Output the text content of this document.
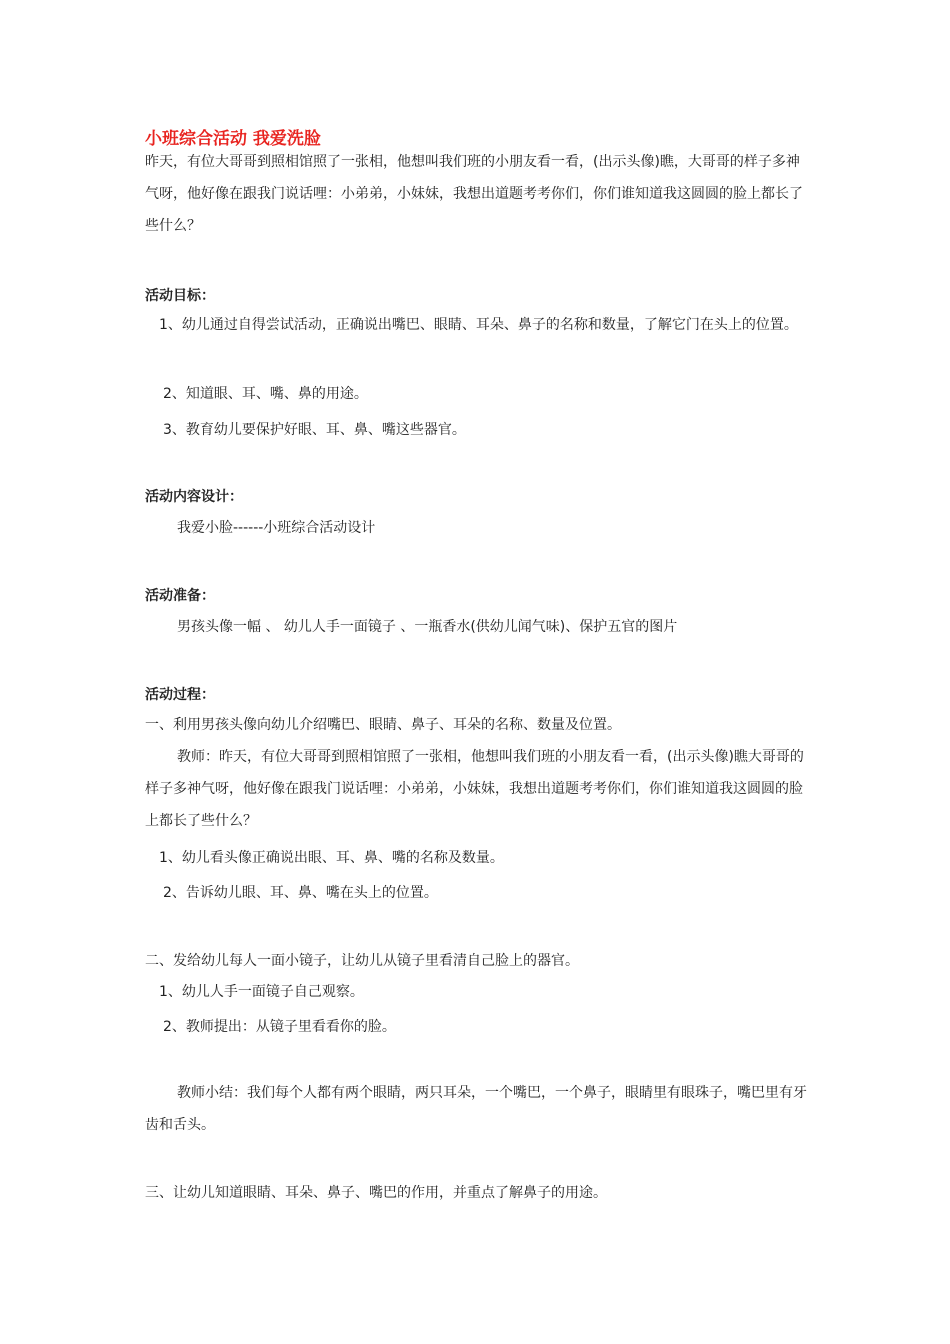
小班综合活动 我爱洗脸

昨天，有位大哥哥到照相馆照了一张相，他想叫我们班的小朋友看一看，(出示头像)瞧，大哥哥的样子多神气呀，他好像在跟我门说话哩：小弟弟，小妹妹，我想出道题考考你们，你们谁知道我这圆圆的脸上都长了些什么？

活动目标：

1、幼儿通过自得尝试活动，正确说出嘴巴、眼睛、耳朵、鼻子的名称和数量，了解它门在头上的位置。

2、知道眼、耳、嘴、鼻的用途。
3、教育幼儿要保护好眼、耳、鼻、嘴这些器官。
活动内容设计：
我爱小脸------小班综合活动设计
活动准备：
男孩头像一幅 、 幼儿人手一面镜子 、一瓶香水(供幼儿闻气味)、保护五官的图片
活动过程：
一、利用男孩头像向幼儿介绍嘴巴、眼睛、鼻子、耳朵的名称、数量及位置。

教师：昨天，有位大哥哥到照相馆照了一张相，他想叫我们班的小朋友看一看，(出示头像)瞧大哥哥的样子多神气呀，他好像在跟我门说话哩：小弟弟，小妹妹，我想出道题考考你们，你们谁知道我这圆圆的脸上都长了些什么？

1、幼儿看头像正确说出眼、耳、鼻、嘴的名称及数量。
2、告诉幼儿眼、耳、鼻、嘴在头上的位置。
二、发给幼儿每人一面小镜子，让幼儿从镜子里看清自己脸上的器官。
1、幼儿人手一面镜子自己观察。
2、教师提出：从镜子里看看你的脸。

教师小结：我们每个人都有两个眼睛，两只耳朵，一个嘴巴，一个鼻子，眼睛里有眼珠子，嘴巴里有牙齿和舌头。

三、让幼儿知道眼睛、耳朵、鼻子、嘴巴的作用，并重点了解鼻子的用途。
